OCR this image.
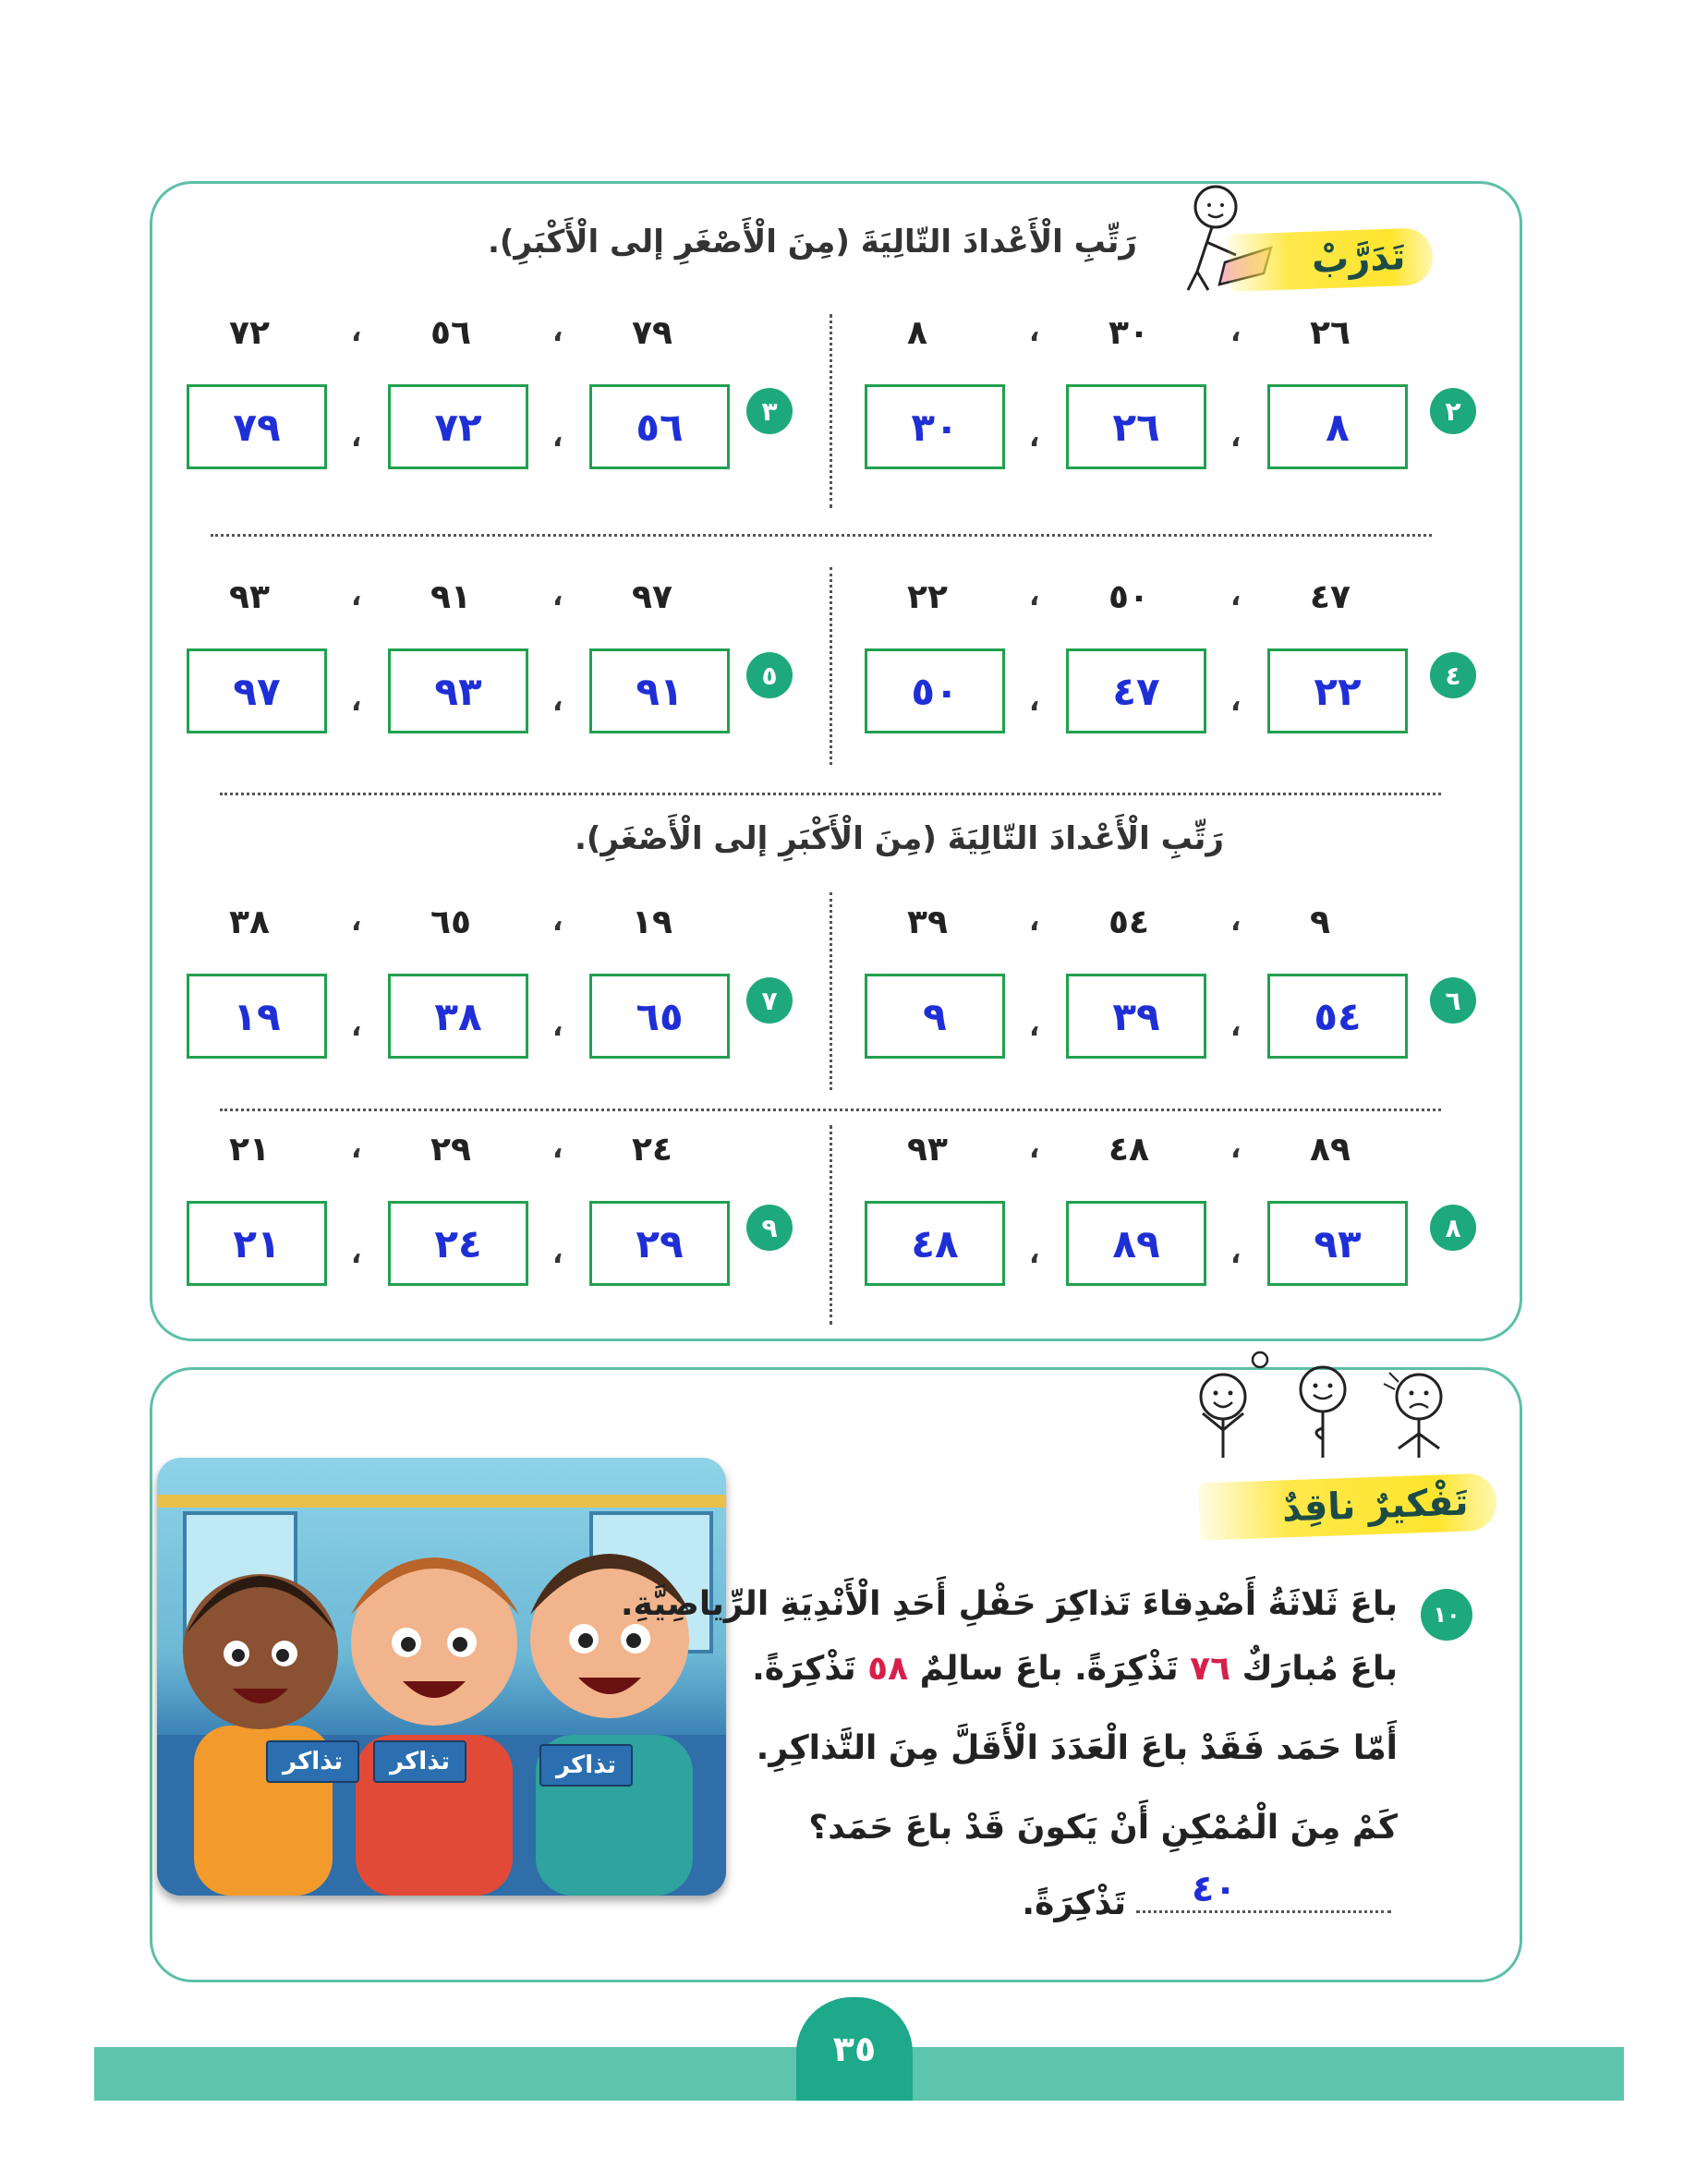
تَدَرَّبْ
رَتِّبِ الْأَعْدادَ التّالِيَةَ (مِنَ الْأَصْغَرِ إلى الْأَكْبَرِ).
رَتِّبِ الْأَعْدادَ التّالِيَةَ (مِنَ الْأَكْبَرِ إلى الْأَصْغَرِ).
٢
٢٦
٨
،
،
٣٠
٢٦
،
،
٨
٣٠
٣
٧٩
٥٦
،
،
٥٦
٧٢
،
،
٧٢
٧٩
٤
٤٧
٢٢
،
،
٥٠
٤٧
،
،
٢٢
٥٠
٥
٩٧
٩١
،
،
٩١
٩٣
،
،
٩٣
٩٧
٦
٩
٥٤
،
،
٥٤
٣٩
،
،
٣٩
٩
٧
١٩
٦٥
،
،
٦٥
٣٨
،
،
٣٨
١٩
٨
٨٩
٩٣
،
،
٤٨
٨٩
،
،
٩٣
٤٨
٩
٢٤
٢٩
،
،
٢٩
٢٤
،
،
٢١
٢١
تَفْكيرٌ ناقِدٌ
تذاكر	تذاكر	تذاكر
١٠
باعَ ثَلاثَةُ أَصْدِقاءَ تَذاكِرَ حَفْلِ أَحَدِ الْأَنْدِيَةِ الرِّياضِيَّةِ.
باعَ مُبارَكٌ ٧٦ تَذْكِرَةً. باعَ سالِمٌ ٥٨ تَذْكِرَةً.
أَمّا حَمَد فَقَدْ باعَ الْعَدَدَ الْأَقَلَّ مِنَ التَّذاكِرِ.
كَمْ مِنَ الْمُمْكِنِ أَنْ يَكونَ قَدْ باعَ حَمَد؟
٤٠
تَذْكِرَةً.
٣٥
